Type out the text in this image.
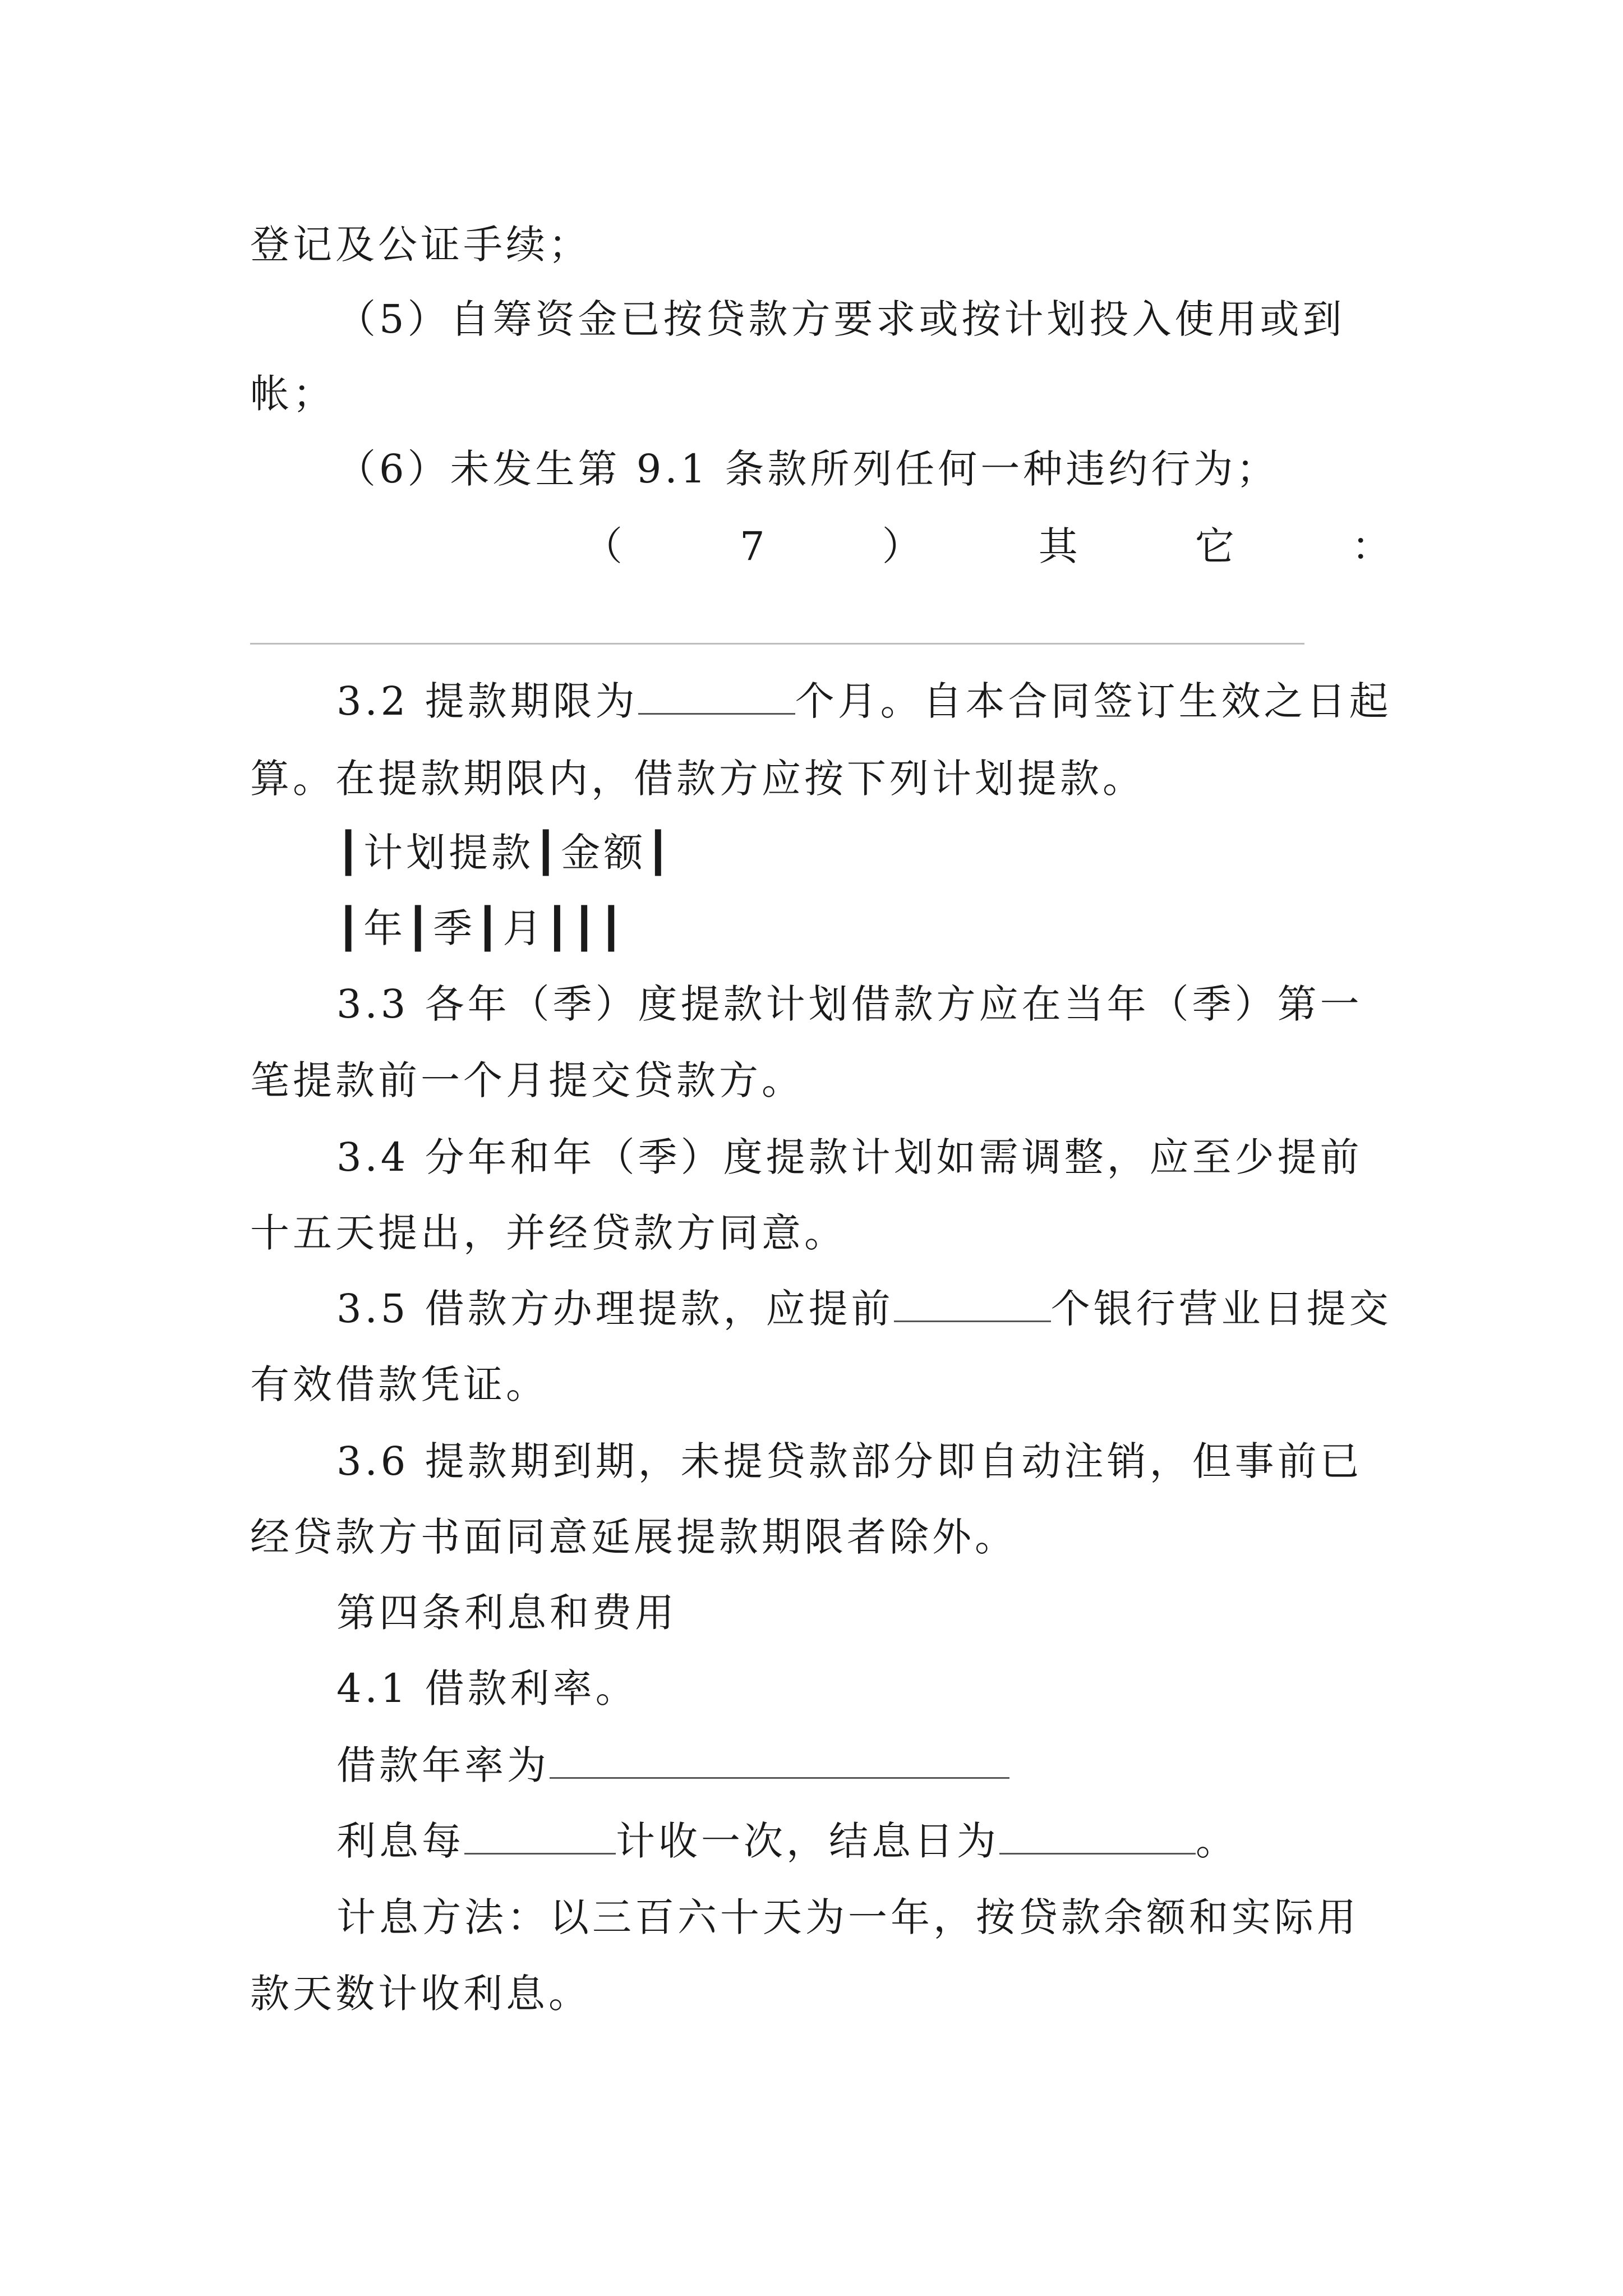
登记及公证手续；
（5）自筹资金已按贷款方要求或按计划投入使用或到
帐；
（6）未发生第 9.1 条款所列任何一种违约行为；
（	7	）	其	它	：
3.2 提款期限为	个月。自本合同签订生效之日起
算。在提款期限内，借款方应按下列计划提款。
┃计划提款┃金额┃
┃年┃季┃月┃┃┃
3.3 各年（季）度提款计划借款方应在当年（季）第一
笔提款前一个月提交贷款方。
3.4 分年和年（季）度提款计划如需调整，应至少提前
十五天提出，并经贷款方同意。
3.5 借款方办理提款，应提前	个银行营业日提交
有效借款凭证。
3.6 提款期到期，未提贷款部分即自动注销，但事前已
经贷款方书面同意延展提款期限者除外。
第四条利息和费用
4.1 借款利率。
借款年率为
利息每	计收一次，结息日为	。
计息方法：以三百六十天为一年，按贷款余额和实际用
款天数计收利息。
